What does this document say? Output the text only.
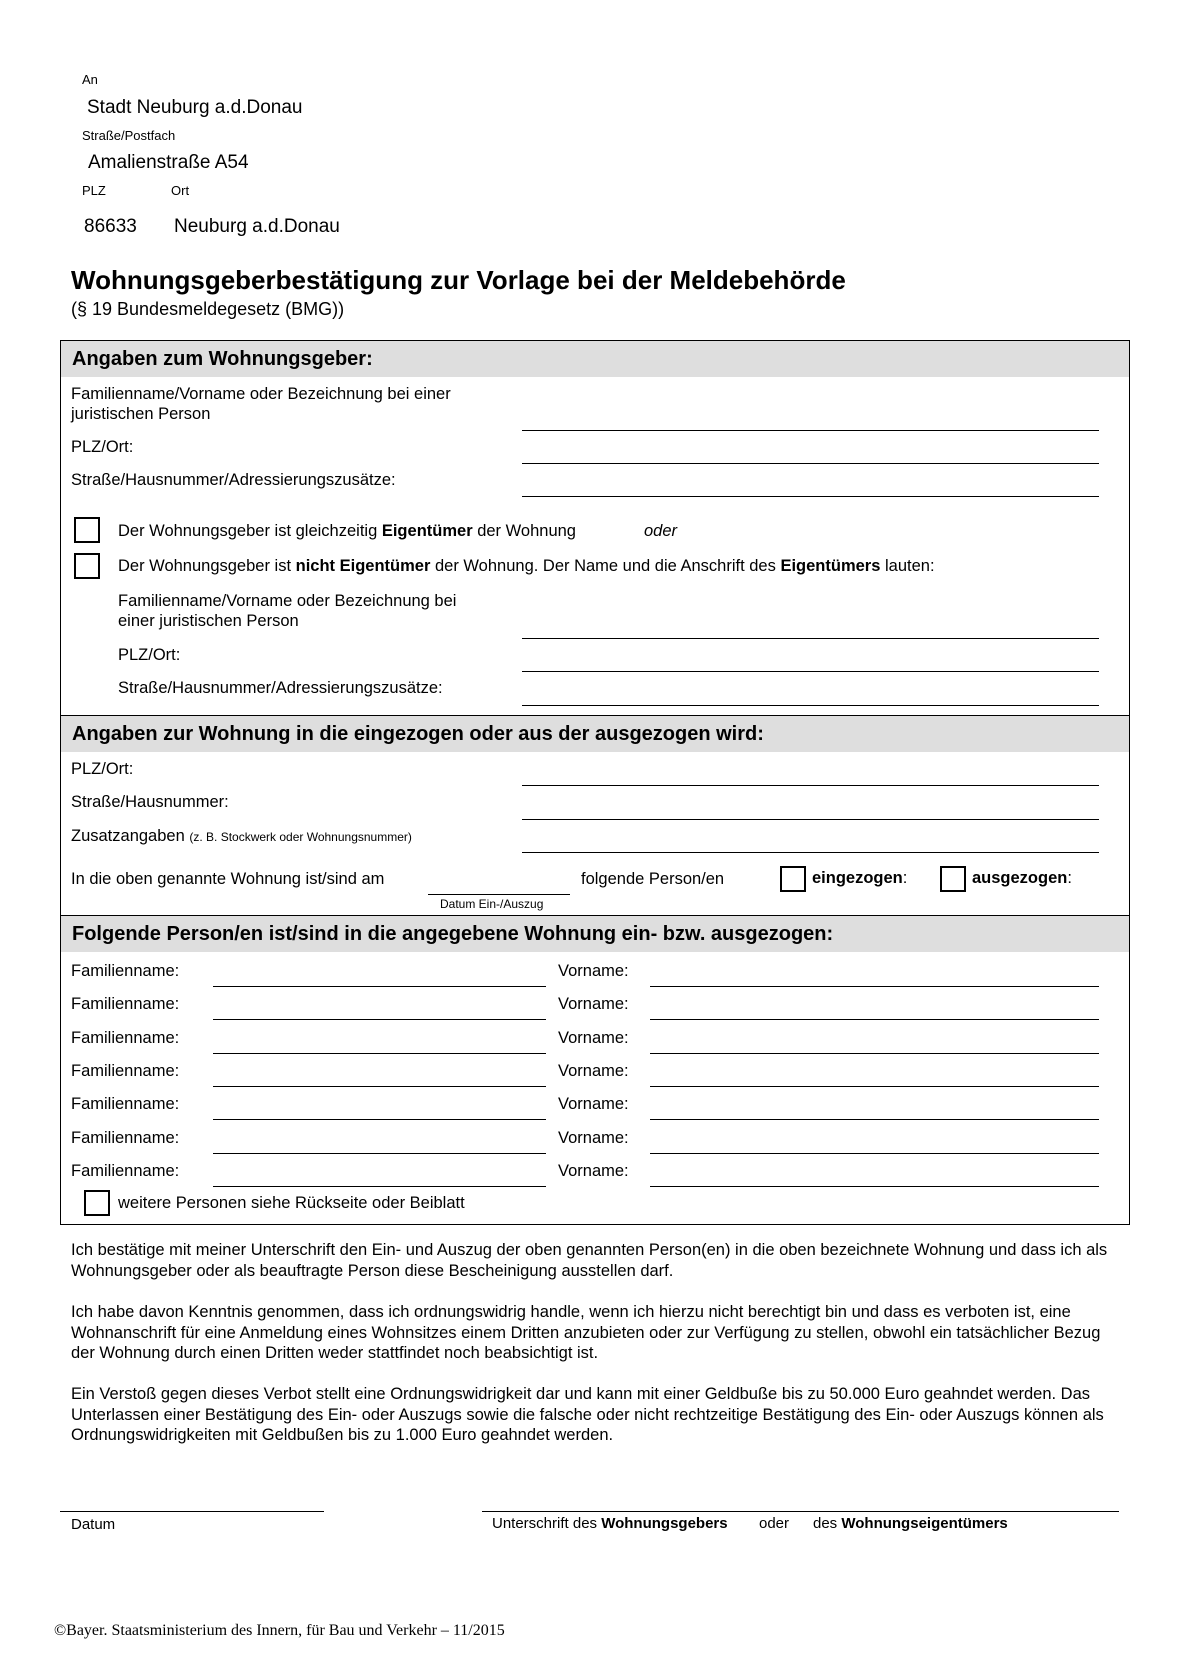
An
Stadt Neuburg a.d.Donau
Straße/Postfach
Amalienstraße A54
PLZ	Ort
86633 Neuburg a.d.Donau
Wohnungsgeberbestätigung zur Vorlage bei der Meldebehörde
(§ 19 Bundesmeldegesetz (BMG))
Angaben zum Wohnungsgeber:
Familienname/Vorname oder Bezeichnung bei einer
juristischen Person
PLZ/Ort:
Straße/Hausnummer/Adressierungszusätze:
Der Wohnungsgeber ist gleichzeitig Eigentümer der Wohnung	oder
Der Wohnungsgeber ist nicht Eigentümer der Wohnung. Der Name und die Anschrift des Eigentümers lauten:
Familienname/Vorname oder Bezeichnung bei
einer juristischen Person
PLZ/Ort:
Straße/Hausnummer/Adressierungszusätze:
Angaben zur Wohnung in die eingezogen oder aus der ausgezogen wird:
PLZ/Ort:
Straße/Hausnummer:
Zusatzangaben (z. B. Stockwerk oder Wohnungsnummer)
In die oben genannte Wohnung ist/sind am
Datum Ein-/Auszug
folgende Person/en	eingezogen:	ausgezogen:
Folgende Person/en ist/sind in die angegebene Wohnung ein- bzw. ausgezogen:
Familienname:	Vorname:
Familienname:	Vorname:
Familienname:	Vorname:
Familienname:	Vorname:
Familienname:	Vorname:
Familienname:	Vorname:
Familienname:	Vorname:
weitere Personen siehe Rückseite oder Beiblatt
Ich bestätige mit meiner Unterschrift den Ein- und Auszug der oben genannten Person(en) in die oben bezeichnete Wohnung und dass ich als Wohnungsgeber oder als beauftragte Person diese Bescheinigung ausstellen darf.
Ich habe davon Kenntnis genommen, dass ich ordnungswidrig handle, wenn ich hierzu nicht berechtigt bin und dass es verboten ist, eine Wohnanschrift für eine Anmeldung eines Wohnsitzes einem Dritten anzubieten oder zur Verfügung zu stellen, obwohl ein tatsächlicher Bezug der Wohnung durch einen Dritten weder stattfindet noch beabsichtigt ist.
Ein Verstoß gegen dieses Verbot stellt eine Ordnungswidrigkeit dar und kann mit einer Geldbuße bis zu 50.000 Euro geahndet werden. Das Unterlassen einer Bestätigung des Ein- oder Auszugs sowie die falsche oder nicht rechtzeitige Bestätigung des Ein- oder Auszugs können als Ordnungswidrigkeiten mit Geldbußen bis zu 1.000 Euro geahndet werden.
Datum	Unterschrift des Wohnungsgebers oder des Wohnungseigentümers
©Bayer. Staatsministerium des Innern, für Bau und Verkehr – 11/2015
